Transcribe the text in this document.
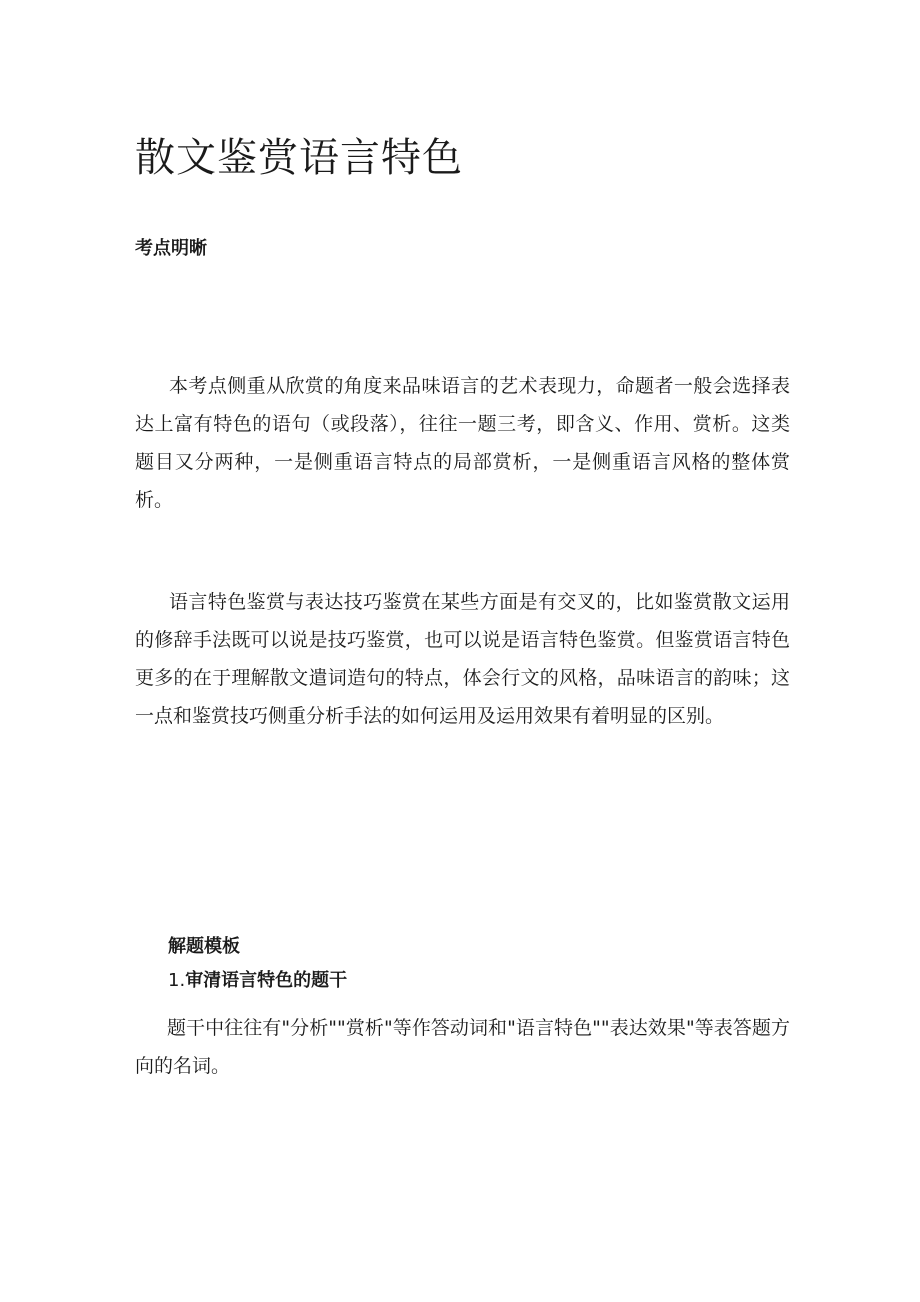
散文鉴赏语言特色
考点明晰

本考点侧重从欣赏的角度来品味语言的艺术表现力，命题者一般会选择表达上富有特色的语句（或段落），往往一题三考，即含义、作用、赏析。这类题目又分两种，一是侧重语言特点的局部赏析，一是侧重语言风格的整体赏析。

语言特色鉴赏与表达技巧鉴赏在某些方面是有交叉的，比如鉴赏散文运用的修辞手法既可以说是技巧鉴赏，也可以说是语言特色鉴赏。但鉴赏语言特色更多的在于理解散文遣词造句的特点，体会行文的风格，品味语言的韵味；这一点和鉴赏技巧侧重分析手法的如何运用及运用效果有着明显的区别。

解题模板
1.审清语言特色的题干

题干中往往有"分析""赏析"等作答动词和"语言特色""表达效果"等表答题方向的名词。
